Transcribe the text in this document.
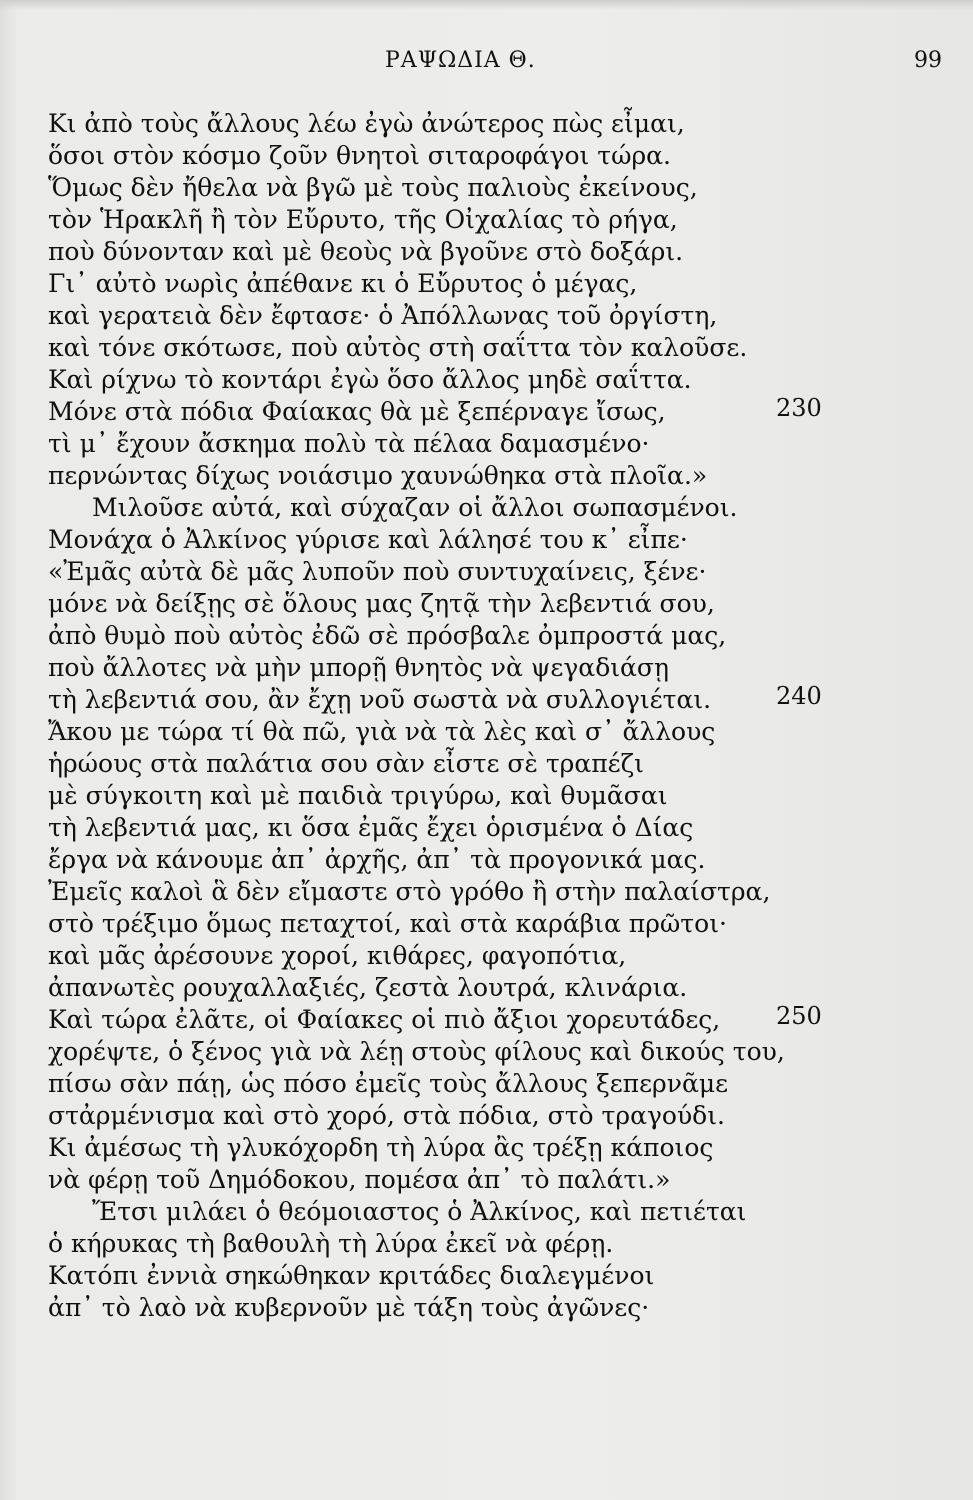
ΡΑΨΩΔΙΑ Θ.	99
Κι ἀπὸ τοὺς ἄλλους λέω ἐγὼ ἀνώτερος πὼς εἶμαι,
ὅσοι στὸν κόσμο ζοῦν θνητοὶ σιταροφάγοι τώρα.
Ὅμως δὲν ἤθελα νὰ βγῶ μὲ τοὺς παλιοὺς ἐκείνους,
τὸν Ἡρακλῆ ἢ τὸν Εὔρυτο, τῆς Οἰχαλίας τὸ ρήγα,
ποὺ δύνονταν καὶ μὲ θεοὺς νὰ βγοῦνε στὸ δοξάρι.
Γι᾽ αὐτὸ νωρὶς ἀπέθανε κι ὁ Εὔρυτος ὁ μέγας,
καὶ γερατειὰ δὲν ἔφτασε· ὁ Ἀπόλλωνας τοῦ ὀργίστη,
καὶ τόνε σκότωσε, ποὺ αὐτὸς στὴ σαΐττα τὸν καλοῦσε.
Καὶ ρίχνω τὸ κοντάρι ἐγὼ ὅσο ἄλλος μηδὲ σαΐττα.
Μόνε στὰ πόδια Φαίακας θὰ μὲ ξεπέρναγε ἴσως,	230
τὶ μ᾽ ἔχουν ἄσκημα πολὺ τὰ πέλαα δαμασμένο·
περνώντας δίχως νοιάσιμο χαυνώθηκα στὰ πλοῖα.»
Μιλοῦσε αὐτά, καὶ σύχαζαν οἱ ἄλλοι σωπασμένοι.
Μονάχα ὁ Ἀλκίνος γύρισε καὶ λάλησέ του κ᾽ εἶπε·
«Ἐμᾶς αὐτὰ δὲ μᾶς λυποῦν ποὺ συντυχαίνεις, ξένε·
μόνε νὰ δείξῃς σὲ ὅλους μας ζητᾷ τὴν λεβεντιά σου,
ἀπὸ θυμὸ ποὺ αὐτὸς ἐδῶ σὲ πρόσβαλε ὀμπροστά μας,
ποὺ ἄλλοτες νὰ μὴν μπορῇ θνητὸς νὰ ψεγαδιάσῃ
τὴ λεβεντιά σου, ἂν ἔχῃ νοῦ σωστὰ νὰ συλλογιέται.	240
Ἄκου με τώρα τί θὰ πῶ, γιὰ νὰ τὰ λὲς καὶ σ᾽ ἄλλους
ἡρώους στὰ παλάτια σου σὰν εἶστε σὲ τραπέζι
μὲ σύγκοιτη καὶ μὲ παιδιὰ τριγύρω, καὶ θυμᾶσαι
τὴ λεβεντιά μας, κι ὅσα ἐμᾶς ἔχει ὁρισμένα ὁ Δίας
ἔργα νὰ κάνουμε ἀπ᾽ ἀρχῆς, ἀπ᾽ τὰ προγονικά μας.
Ἐμεῖς καλοὶ ἃ δὲν εἴμαστε στὸ γρόθο ἢ στὴν παλαίστρα,
στὸ τρέξιμο ὅμως πεταχτοί, καὶ στὰ καράβια πρῶτοι·
καὶ μᾶς ἀρέσουνε χοροί, κιθάρες, φαγοπότια,
ἀπανωτὲς ρουχαλλαξιές, ζεστὰ λουτρά, κλινάρια.
Καὶ τώρα ἐλᾶτε, οἱ Φαίακες οἱ πιὸ ἄξιοι χορευτάδες, 250
χορέψτε, ὁ ξένος γιὰ νὰ λέῃ στοὺς φίλους καὶ δικούς του,
πίσω σὰν πάῃ, ὡς πόσο ἐμεῖς τοὺς ἄλλους ξεπερνᾶμε
στἀρμένισμα καὶ στὸ χορό, στὰ πόδια, στὸ τραγούδι.
Κι ἀμέσως τὴ γλυκόχορδη τὴ λύρα ἂς τρέξῃ κάποιος
νὰ φέρῃ τοῦ Δημόδοκου, πομέσα ἀπ᾽ τὸ παλάτι.»
Ἔτσι μιλάει ὁ θεόμοιαστος ὁ Ἀλκίνος, καὶ πετιέται
ὁ κήρυκας τὴ βαθουλὴ τὴ λύρα ἐκεῖ νὰ φέρῃ.
Κατόπι ἐννιὰ σηκώθηκαν κριτάδες διαλεγμένοι
ἀπ᾽ τὸ λαὸ νὰ κυβερνοῦν μὲ τάξη τοὺς ἀγῶνες·
